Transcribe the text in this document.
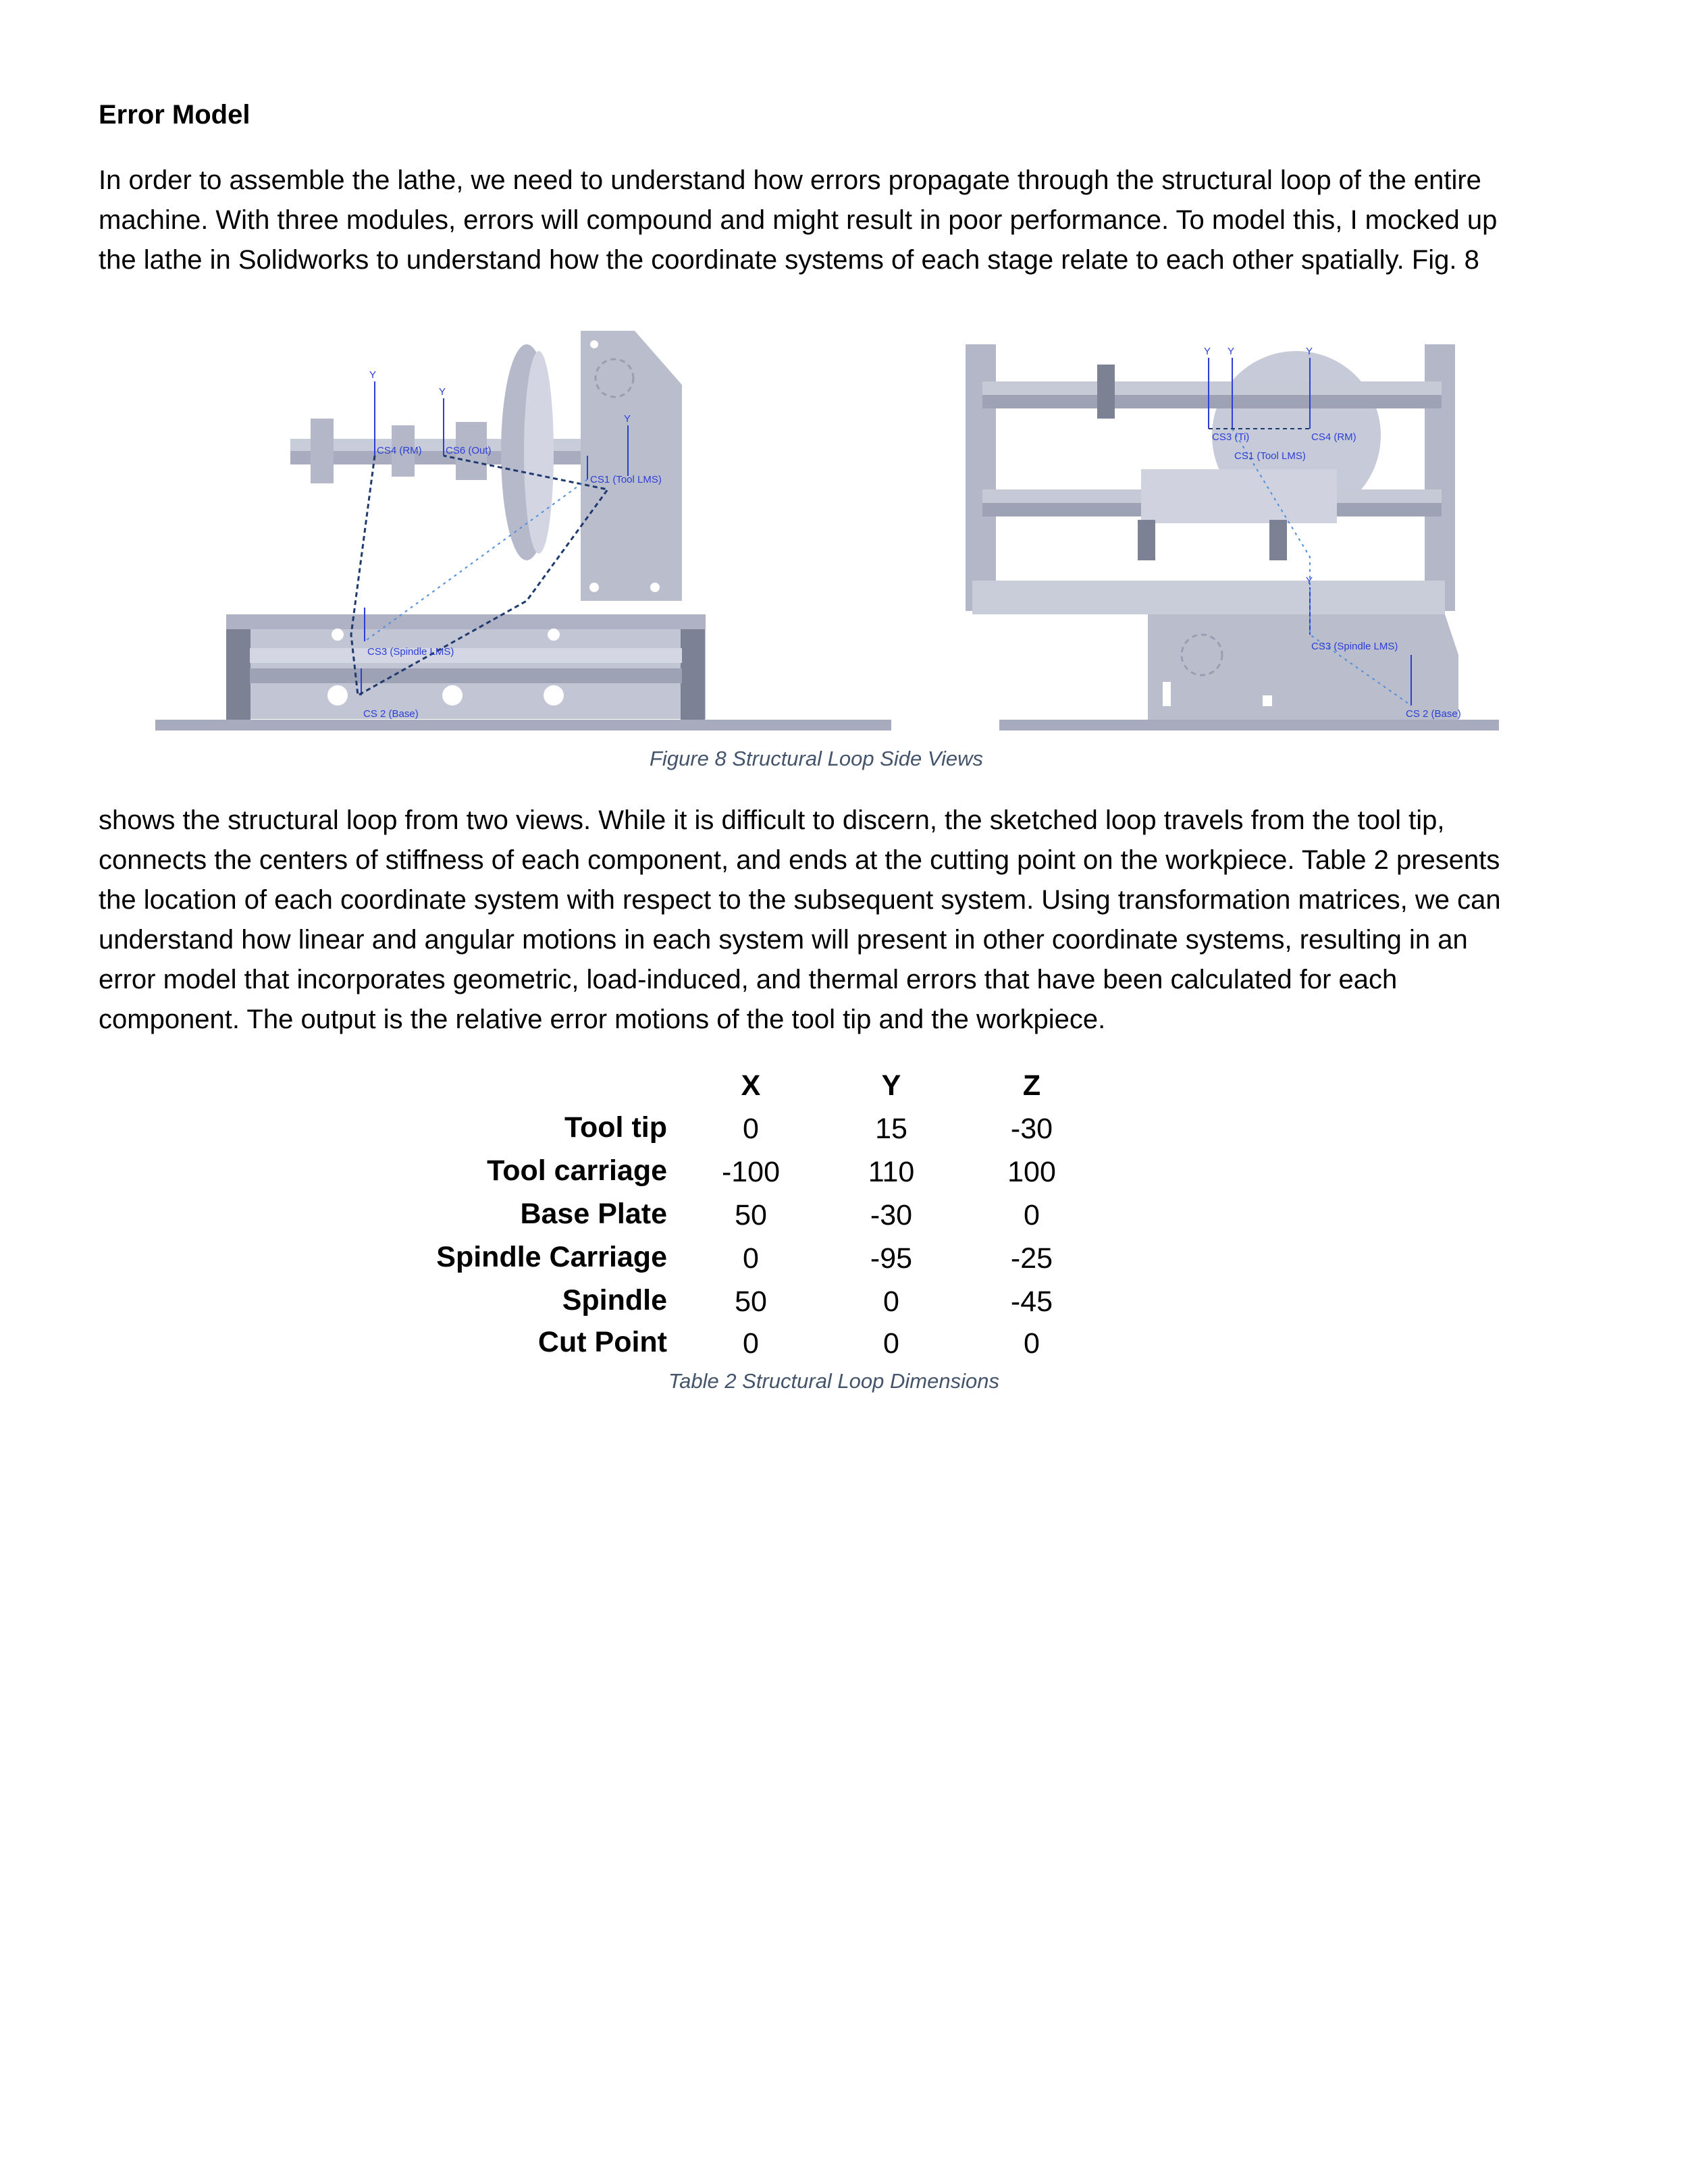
Error Model
In order to assemble the lathe, we need to understand how errors propagate through the structural loop of the entire
machine. With three modules, errors will compound and might result in poor performance. To model this, I mocked up
the lathe in Solidworks to understand how the coordinate systems of each stage relate to each other spatially. Fig. 8
Y
Y
Y
CS4 (RM) CS6 (Out)
CS1 (Tool LMS)
CS3 (Spindle LMS)
CS 2 (Base)
Y Y	Y
Y
CS3 (Ti)	CS4 (RM)
CS1 (Tool LMS)
CS3 (Spindle LMS)
CS 2 (Base)
Figure 8 Structural Loop Side Views
shows the structural loop from two views. While it is difficult to discern, the sketched loop travels from the tool tip,
connects the centers of stiffness of each component, and ends at the cutting point on the workpiece. Table 2 presents
the location of each coordinate system with respect to the subsequent system. Using transformation matrices, we can
understand how linear and angular motions in each system will present in other coordinate systems, resulting in an
error model that incorporates geometric, load-induced, and thermal errors that have been calculated for each
component. The output is the relative error motions of the tool tip and the workpiece.
X	Y	Z
Tool tip	0	15	-30
Tool carriage	-100	110	100
Base Plate	50	-30	0
Spindle Carriage	0	-95	-25
Spindle	50	0	-45
Cut Point	0	0	0
Table 2 Structural Loop Dimensions
